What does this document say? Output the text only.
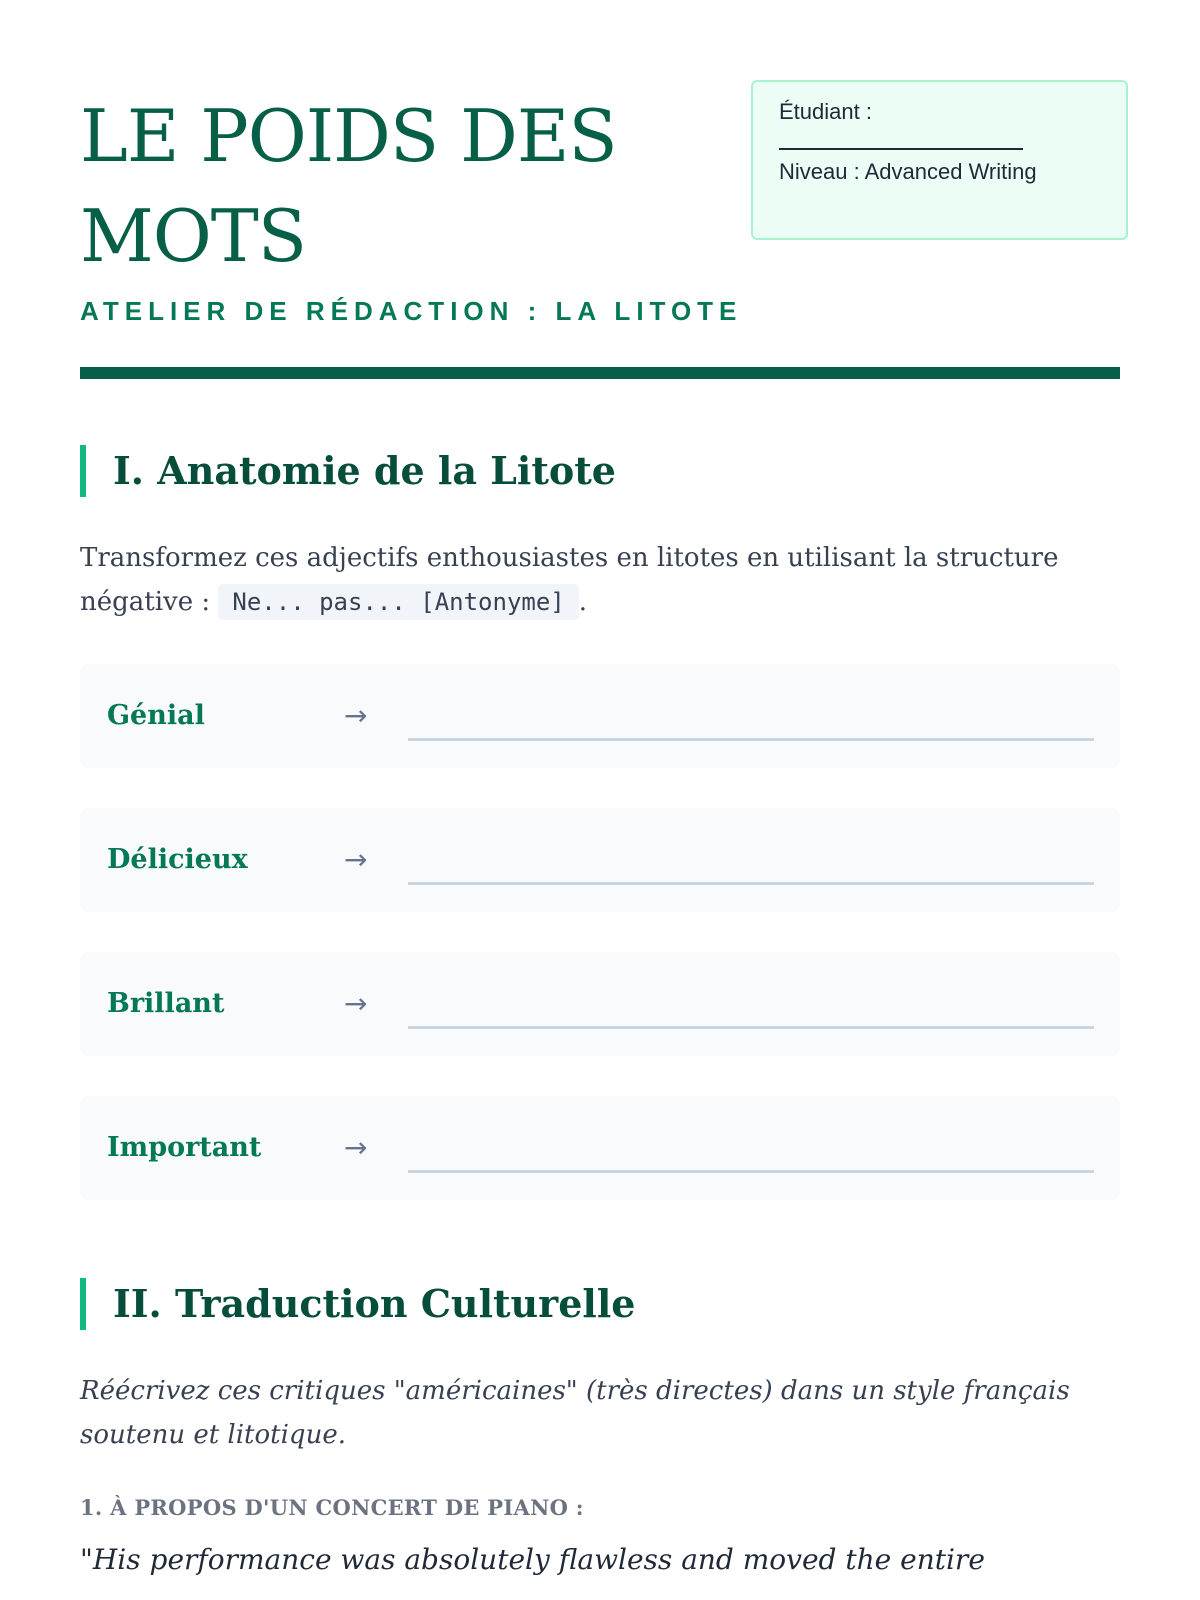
LE POIDS DES MOTS
ATELIER DE RÉDACTION : LA LITOTE
Étudiant :
Niveau : Advanced Writing
I. Anatomie de la Litote

Transformez ces adjectifs enthousiastes en litotes en utilisant la structure négative : Ne... pas... [Antonyme] .

Génial	→
Délicieux	→
Brillant	→
Important	→
II. Traduction Culturelle

Réécrivez ces critiques "américaines" (très directes) dans un style français soutenu et litotique.

1. À PROPOS D'UN CONCERT DE PIANO :

"His performance was absolutely flawless and moved the entire
